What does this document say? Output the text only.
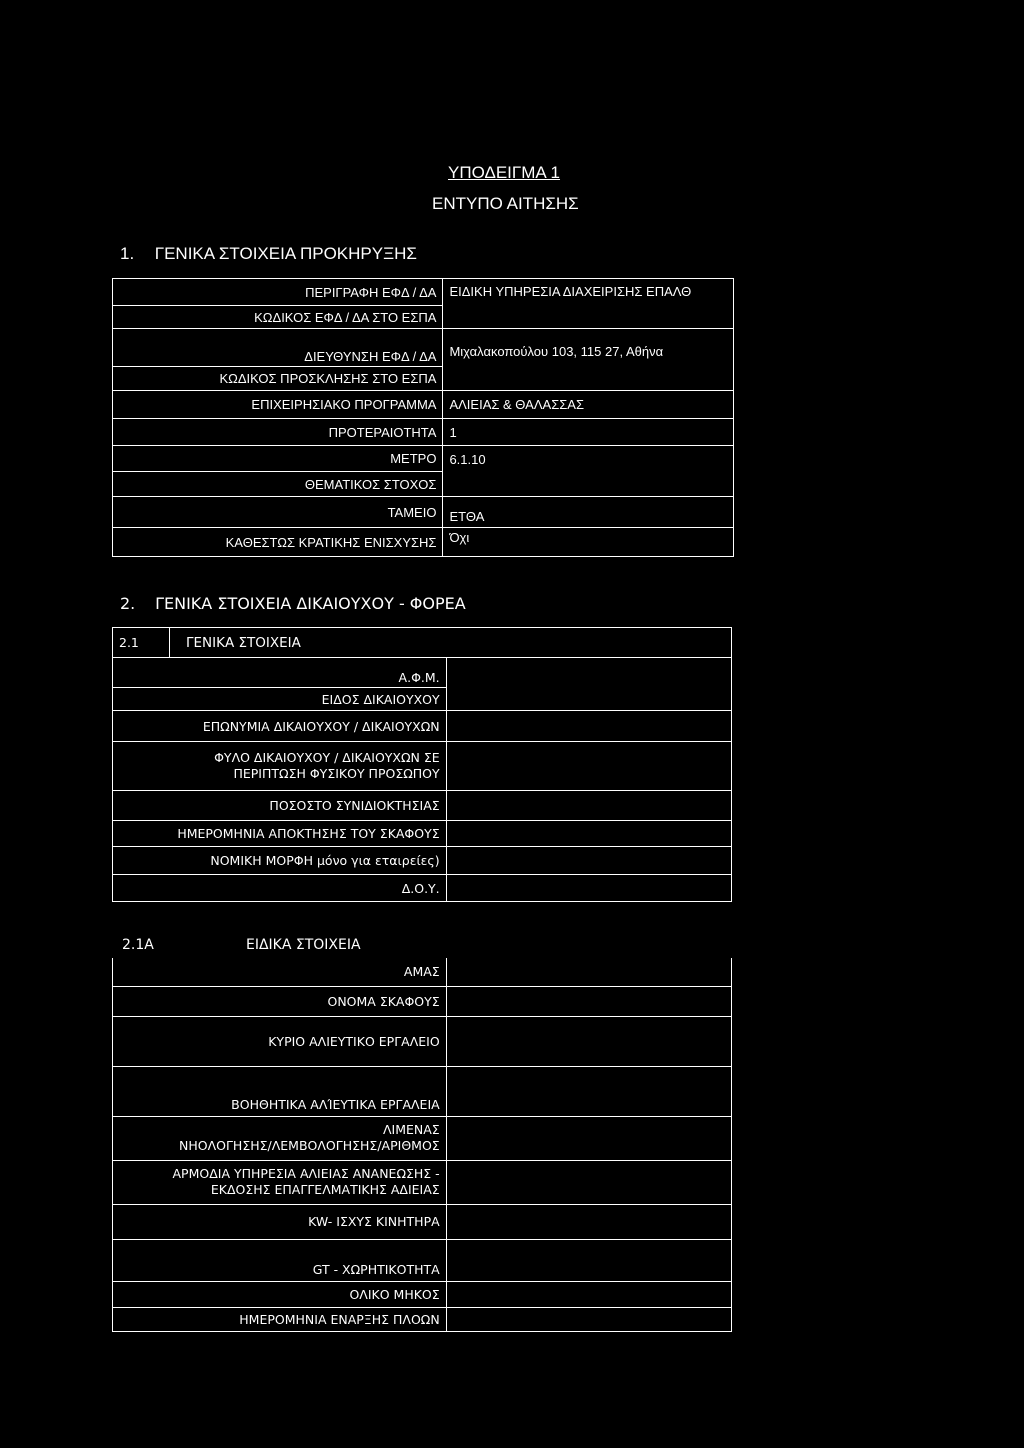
ΥΠΟΔΕΙΓΜΑ 1
ΕΝΤΥΠΟ ΑΙΤΗΣΗΣ
1. ΓΕΝΙΚΑ ΣΤΟΙΧΕΙΑ ΠΡΟΚΗΡΥΞΗΣ
ΠΕΡΙΓΡΑΦΗ ΕΦΔ / ΔΑ	ΕΙΔΙΚΗ ΥΠΗΡΕΣΙΑ ΔΙΑΧΕΙΡΙΣΗΣ ΕΠΑΛΘ
ΚΩΔΙΚΟΣ ΕΦΔ / ΔΑ ΣΤΟ ΕΣΠΑ	
ΔΙΕΥΘΥΝΣΗ ΕΦΔ / ΔΑ	Μιχαλακοπούλου 103, 115 27, Αθήνα
ΚΩΔΙΚΟΣ ΠΡΟΣΚΛΗΣΗΣ ΣΤΟ ΕΣΠΑ	
ΕΠΙΧΕΙΡΗΣΙΑΚΟ ΠΡΟΓΡΑΜΜΑ	ΑΛΙΕΙΑΣ & ΘΑΛΑΣΣΑΣ
ΠΡΟΤΕΡΑΙΟΤΗΤΑ	1
ΜΕΤΡΟ	6.1.10
ΘΕΜΑΤΙΚΟΣ ΣΤΟΧΟΣ	
ΤΑΜΕΙΟ	ΕΤΘΑ
ΚΑΘΕΣΤΩΣ ΚΡΑΤΙΚΗΣ ΕΝΙΣΧΥΣΗΣ	Όχι
2. ΓΕΝΙΚΑ ΣΤΟΙΧΕΙΑ ΔΙΚΑΙΟΥΧΟΥ - ΦΟΡΕΑ
2.1	ΓΕΝΙΚΑ ΣΤΟΙΧΕΙΑ

Α.Φ.Μ.	
ΕΙΔΟΣ ΔΙΚΑΙΟΥΧΟΥ
ΕΠΩΝΥΜΙΑ ΔΙΚΑΙΟΥΧΟΥ / ΔΙΚΑΙΟΥΧΩΝ	

ΦΥΛΟ ΔΙΚΑΙΟΥΧΟΥ / ΔΙΚΑΙΟΥΧΩΝ ΣΕ
ΠΕΡΙΠΤΩΣΗ ΦΥΣΙΚΟΥ ΠΡΟΣΩΠΟΥ

ΠΟΣΟΣΤΟ ΣΥΝΙΔΙΟΚΤΗΣΙΑΣ	
ΗΜΕΡΟΜΗΝΙΑ ΑΠΟΚΤΗΣΗΣ ΤΟΥ ΣΚΑΦΟΥΣ	
ΝΟΜΙΚΗ ΜΟΡΦΗ μόνο για εταιρείες)	
Δ.Ο.Υ.	
2.1Α	ΕΙΔΙΚΑ ΣΤΟΙΧΕΙΑ
ΑΜΑΣ	
ΟΝΟΜΑ ΣΚΑΦΟΥΣ	
ΚΥΡΙΟ ΑΛΙΕΥΤΙΚΟ ΕΡΓΑΛΕΙΟ	
ΒΟΗΘΗΤΙΚΑ ΑΛΊΕΥΤΙΚΑ ΕΡΓΑΛΕΙΑ	

ΛΙΜΕΝΑΣ
ΝΗΟΛΟΓΗΣΗΣ/ΛΕΜΒΟΛΟΓΗΣΗΣ/ΑΡΙΘΜΟΣ	

ΑΡΜΟΔΙΑ ΥΠΗΡΕΣΙΑ ΑΛΙΕΙΑΣ ΑΝΑΝΕΩΣΗΣ -
ΕΚΔΟΣΗΣ ΕΠΑΓΓΕΛΜΑΤΙΚΗΣ ΑΔΙΕΙΑΣ	

KW- ΙΣΧΥΣ ΚΙΝΗΤΗΡΑ	
GT - ΧΩΡΗΤΙΚΟΤΗΤΑ	
ΟΛΙΚΟ ΜΗΚΟΣ	
ΗΜΕΡΟΜΗΝΙΑ ΕΝΑΡΞΗΣ ΠΛΟΩΝ	
